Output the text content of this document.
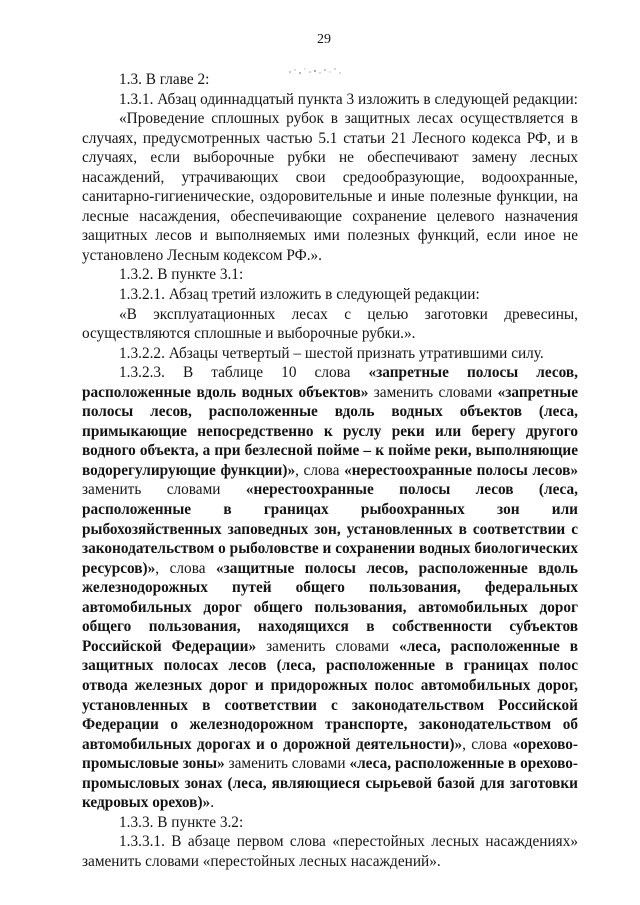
29

1.3. В главе 2:

1.3.1. Абзац одиннадцатый пункта 3 изложить в следующей редакции:

«Проведение сплошных рубок в защитных лесах осуществляется в случаях, предусмотренных частью 5.1 статьи 21 Лесного кодекса РФ, и в случаях, если выборочные рубки не обеспечивают замену лесных насаждений, утрачивающих свои средообразующие, водоохранные, санитарно-гигиенические, оздоровительные и иные полезные функции, на лесные насаждения, обеспечивающие сохранение целевого назначения защитных лесов и выполняемых ими полезных функций, если иное не установлено Лесным кодексом РФ.».

1.3.2. В пункте 3.1:

1.3.2.1. Абзац третий изложить в следующей редакции:

«В эксплуатационных лесах с целью заготовки древесины, осуществляются сплошные и выборочные рубки.».

1.3.2.2. Абзацы четвертый – шестой признать утратившими силу.

1.3.2.3. В таблице 10 слова «запретные полосы лесов, расположенные вдоль водных объектов» заменить словами «запретные полосы лесов, расположенные вдоль водных объектов (леса, примыкающие непосредственно к руслу реки или берегу другого водного объекта, а при безлесной пойме – к пойме реки, выполняющие водорегулирующие функции)», слова «нерестоохранные полосы лесов» заменить словами «нерестоохранные полосы лесов (леса, расположенные в границах рыбоохранных зон или рыбохозяйственных заповедных зон, установленных в соответствии с законодательством о рыболовстве и сохранении водных биологических ресурсов)», слова «защитные полосы лесов, расположенные вдоль железнодорожных путей общего пользования, федеральных автомобильных дорог общего пользования, автомобильных дорог общего пользования, находящихся в собственности субъектов Российской Федерации» заменить словами «леса, расположенные в защитных полосах лесов (леса, расположенные в границах полос отвода железных дорог и придорожных полос автомобильных дорог, установленных в соответствии с законодательством Российской Федерации о железнодорожном транспорте, законодательством об автомобильных дорогах и о дорожной деятельности)», слова «орехово-промысловые зоны» заменить словами «леса, расположенные в орехово-промысловых зонах (леса, являющиеся сырьевой базой для заготовки кедровых орехов)».

1.3.3. В пункте 3.2:

1.3.3.1. В абзаце первом слова «перестойных лесных насаждениях» заменить словами «перестойных лесных насаждений».
